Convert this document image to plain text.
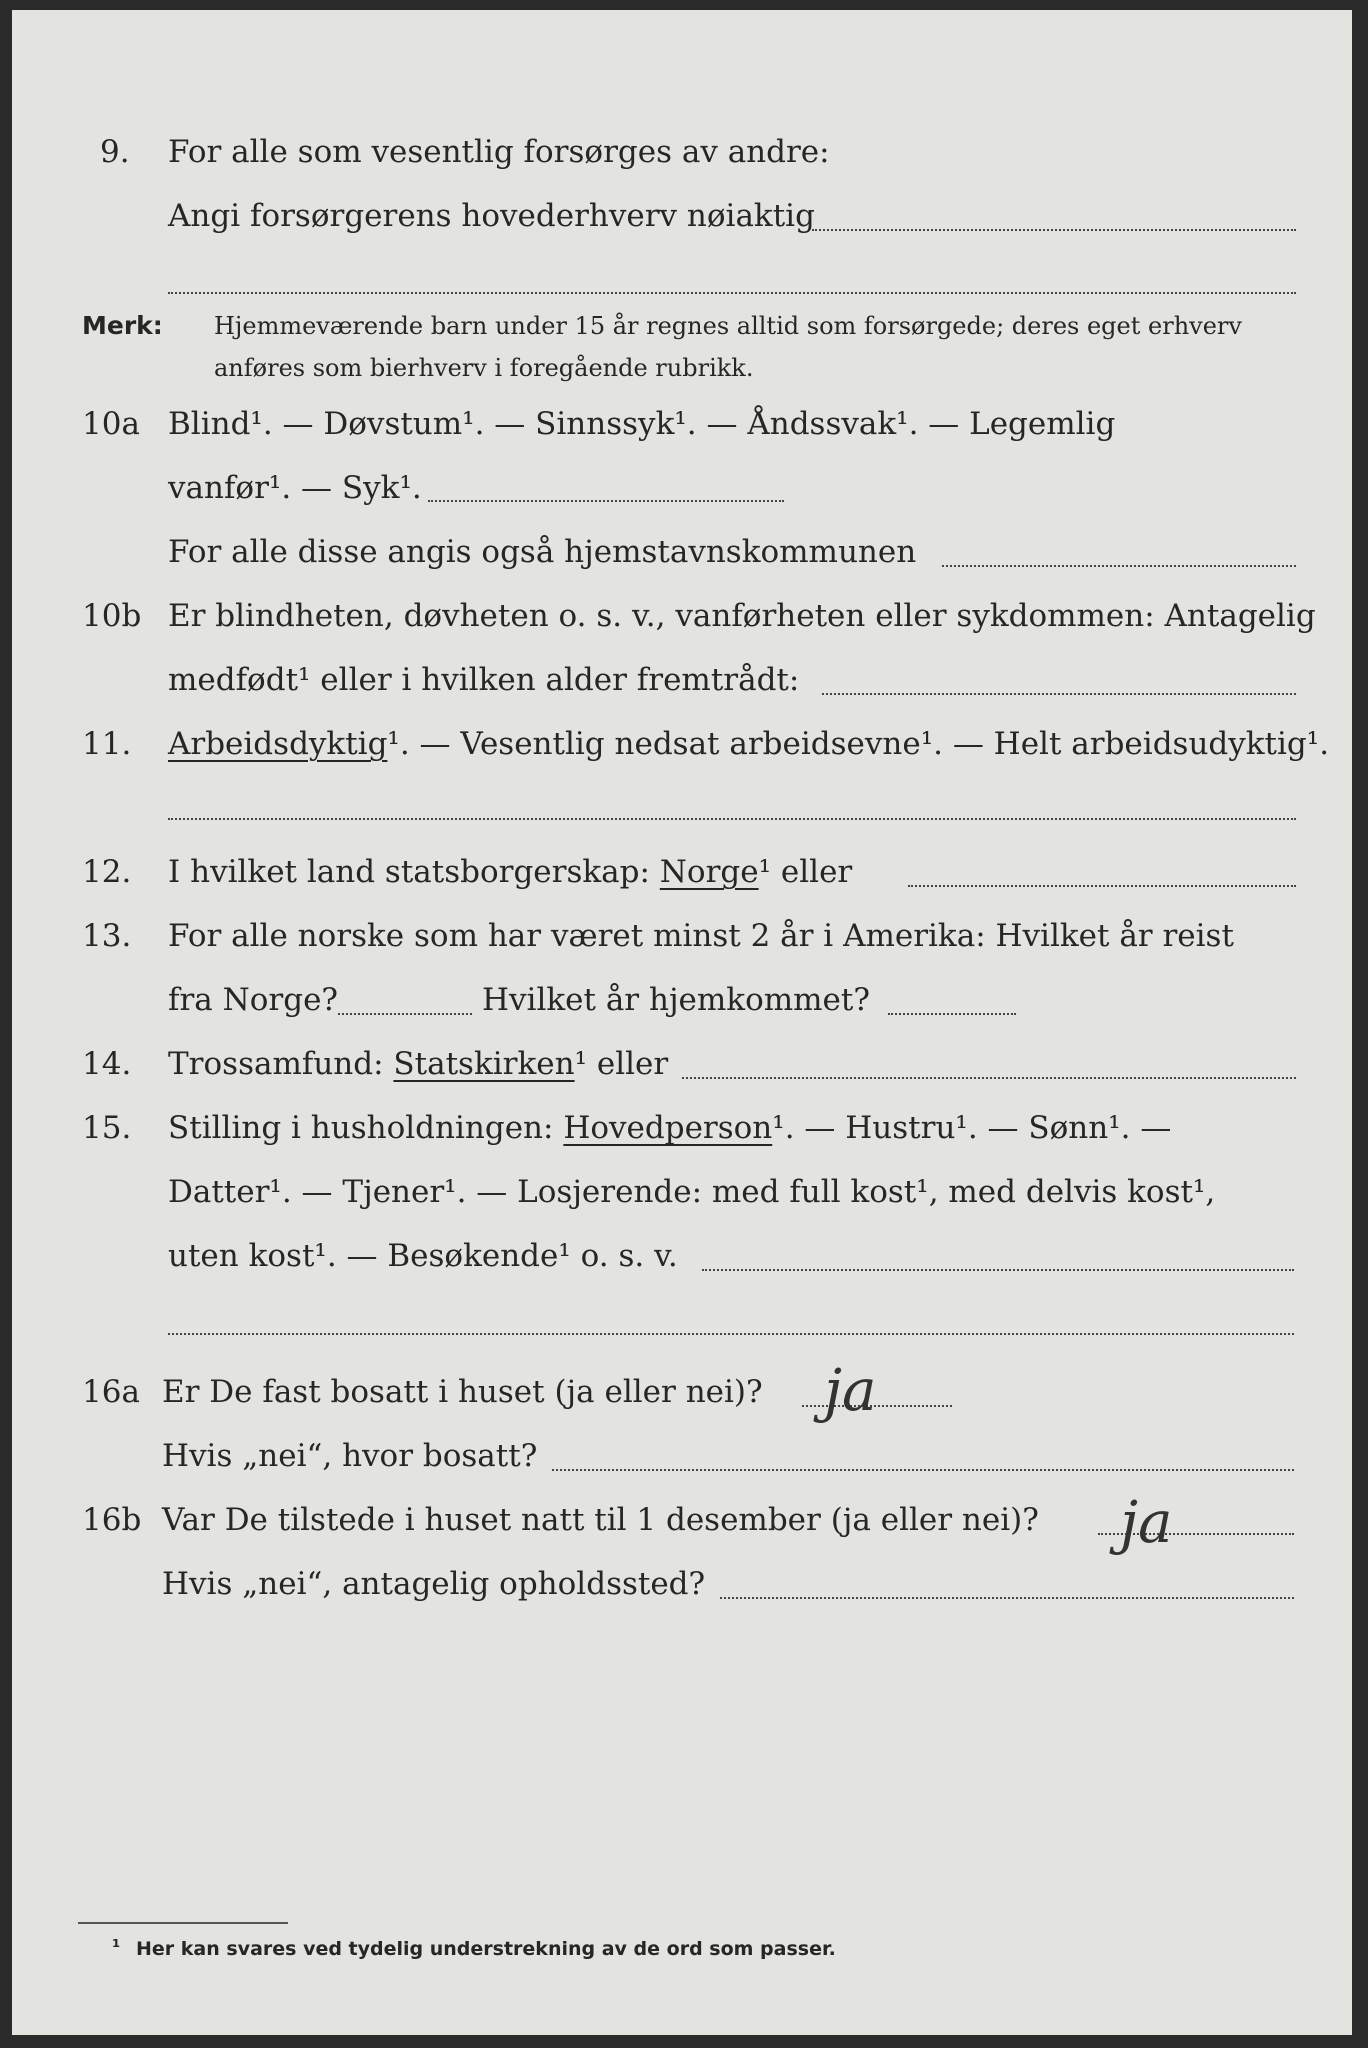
9.	For alle som vesentlig forsørges av andre:
Angi forsørgerens hovederhverv nøiaktig
Merk: Hjemmeværende barn under 15 år regnes alltid som forsørgede; deres eget erhverv
anføres som bierhverv i foregående rubrikk.
10a Blind¹. — Døvstum¹. — Sinnssyk¹. — Åndssvak¹. — Legemlig
vanfør¹. — Syk¹.
For alle disse angis også hjemstavnskommunen
10b Er blindheten, døvheten o. s. v., vanførheten eller sykdommen: Antagelig
medfødt¹ eller i hvilken alder fremtrådt:
11.	Arbeidsdyktig¹. — Vesentlig nedsat arbeidsevne¹. — Helt arbeidsudyktig¹.
12.	I hvilket land statsborgerskap: Norge¹ eller
13.	For alle norske som har været minst 2 år i Amerika: Hvilket år reist
fra Norge?	Hvilket år hjemkommet?
14.	Trossamfund: Statskirken¹ eller
15.	Stilling i husholdningen: Hovedperson¹. — Hustru¹. — Sønn¹. —
Datter¹. — Tjener¹. — Losjerende: med full kost¹, med delvis kost¹,
uten kost¹. — Besøkende¹ o. s. v.
16a Er De fast bosatt i huset (ja eller nei)? ja
Hvis „nei“, hvor bosatt?
16b Var De tilstede i huset natt til 1 desember (ja eller nei)? ja
Hvis „nei“, antagelig opholdssted?
¹ Her kan svares ved tydelig understrekning av de ord som passer.
